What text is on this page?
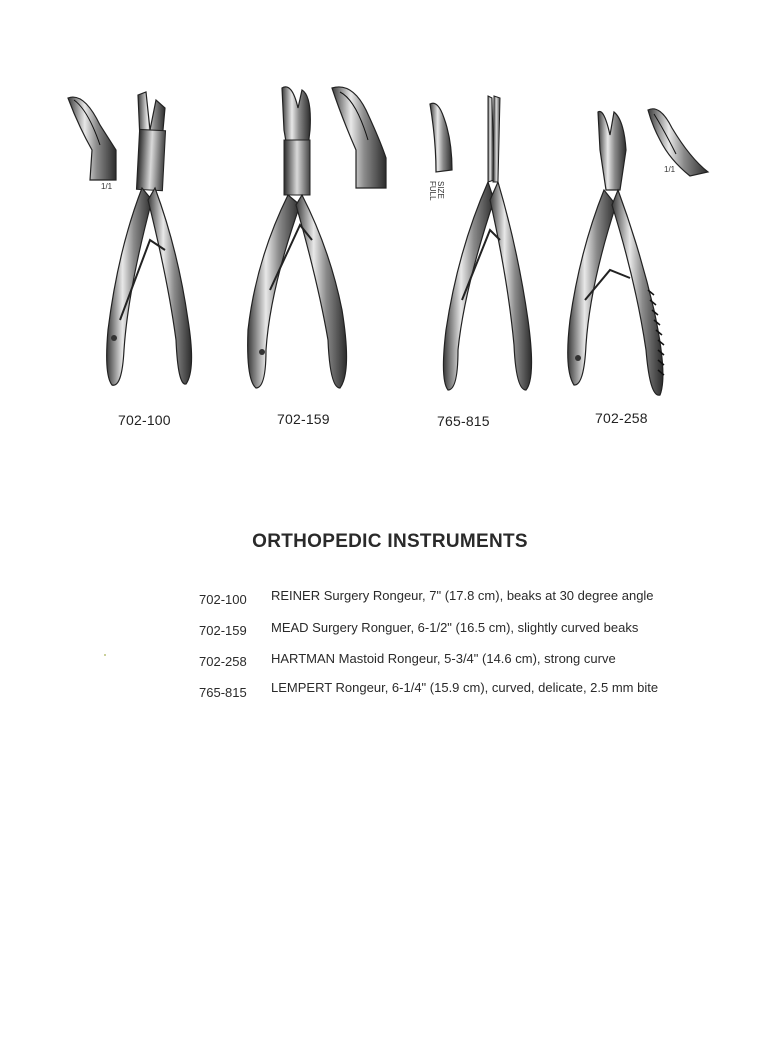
1/1	FULL SIZE
1/1
702-100	702-159	765-815	702-258
ORTHOPEDIC INSTRUMENTS
702-100 REINER Surgery Rongeur, 7" (17.8 cm), beaks at 30 degree angle
702-159 MEAD Surgery Ronguer, 6-1/2" (16.5 cm), slightly curved beaks
702-258 HARTMAN Mastoid Rongeur, 5-3/4" (14.6 cm), strong curve
765-815 LEMPERT Rongeur, 6-1/4" (15.9 cm), curved, delicate, 2.5 mm bite
